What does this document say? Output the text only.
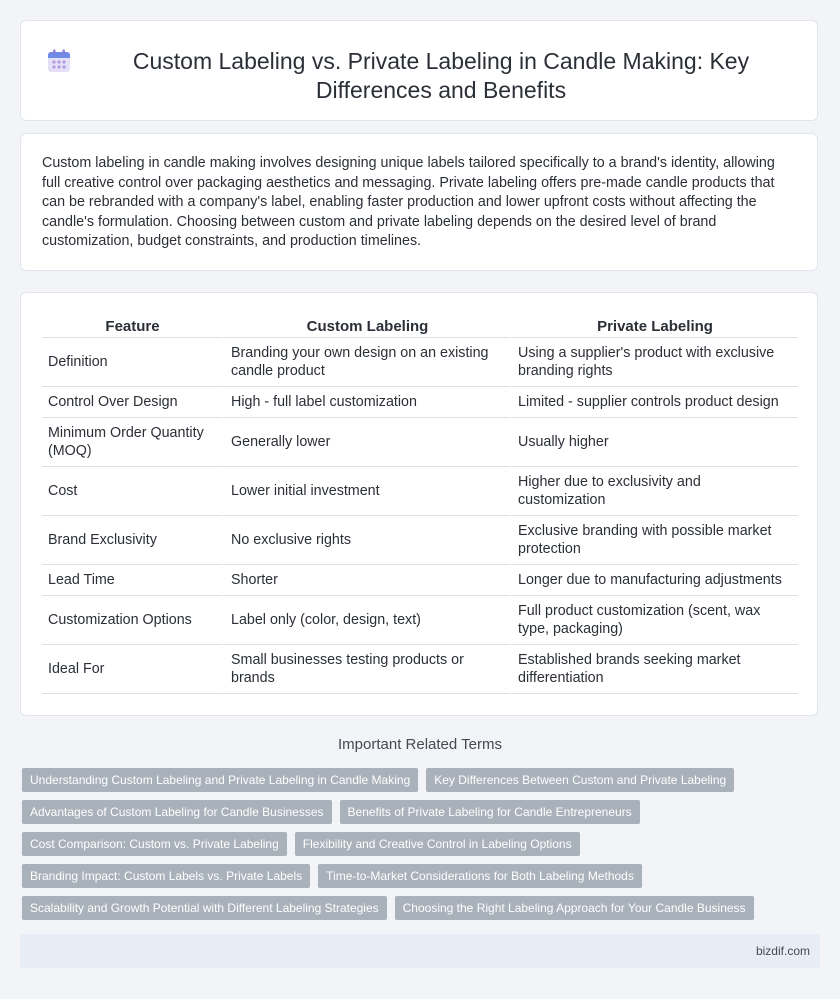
Custom Labeling vs. Private Labeling in Candle Making: Key Differences and Benefits

Custom labeling in candle making involves designing unique labels tailored specifically to a brand's identity, allowing full creative control over packaging aesthetics and messaging. Private labeling offers pre-made candle products that can be rebranded with a company's label, enabling faster production and lower upfront costs without affecting the candle's formulation. Choosing between custom and private labeling depends on the desired level of brand customization, budget constraints, and production timelines.

Feature	Custom Labeling	Private Labeling
Definition	Branding your own design on an existing candle product	Using a supplier's product with exclusive branding rights
Control Over Design	High - full label customization	Limited - supplier controls product design
Minimum Order Quantity (MOQ)	Generally lower	Usually higher
Cost	Lower initial investment	Higher due to exclusivity and customization
Brand Exclusivity	No exclusive rights	Exclusive branding with possible market protection
Lead Time	Shorter	Longer due to manufacturing adjustments
Customization Options	Label only (color, design, text)	Full product customization (scent, wax type, packaging)
Ideal For	Small businesses testing products or brands	Established brands seeking market differentiation
Important Related Terms
Understanding Custom Labeling and Private Labeling in Candle Making	Key Differences Between Custom and Private Labeling
Advantages of Custom Labeling for Candle Businesses	Benefits of Private Labeling for Candle Entrepreneurs
Cost Comparison: Custom vs. Private Labeling	Flexibility and Creative Control in Labeling Options
Branding Impact: Custom Labels vs. Private Labels	Time-to-Market Considerations for Both Labeling Methods
Scalability and Growth Potential with Different Labeling Strategies	Choosing the Right Labeling Approach for Your Candle Business
bizdif.com
